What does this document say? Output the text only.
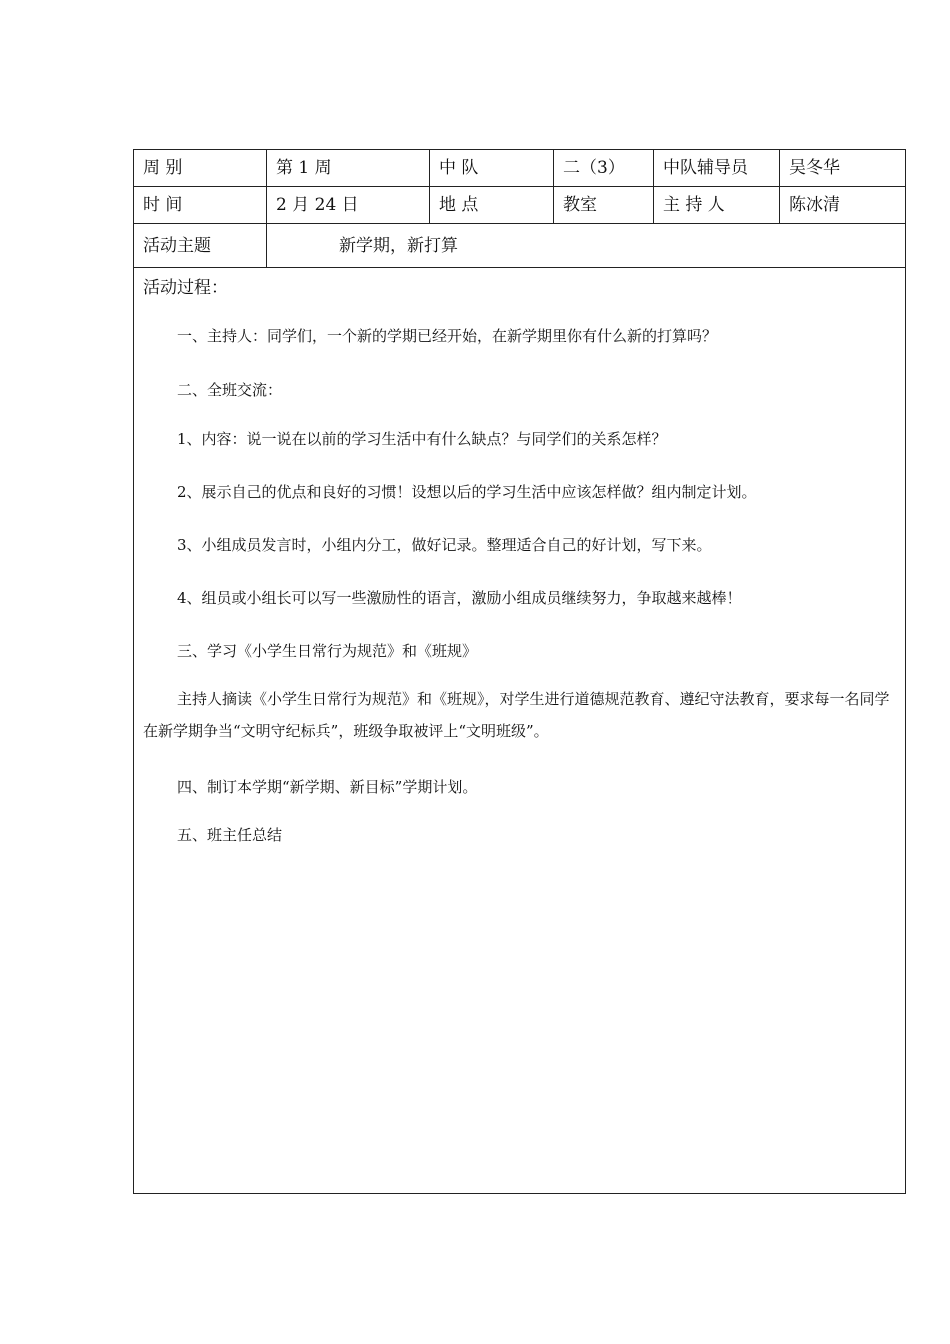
周 别	第 1 周	中 队	二（3）	中队辅导员	吴冬华
时 间	2 月 24 日	地 点	教室	主 持 人	陈冰清
活动主题	新学期，新打算
活动过程：
一、主持人：同学们，一个新的学期已经开始，在新学期里你有什么新的打算吗？
二、全班交流：
1、内容：说一说在以前的学习生活中有什么缺点？与同学们的关系怎样？
2、展示自己的优点和良好的习惯！设想以后的学习生活中应该怎样做？组内制定计划。
3、小组成员发言时，小组内分工，做好记录。整理适合自己的好计划，写下来。
4、组员或小组长可以写一些激励性的语言，激励小组成员继续努力，争取越来越棒！
三、学习《小学生日常行为规范》和《班规》
主持人摘读《小学生日常行为规范》和《班规》，对学生进行道德规范教育、遵纪守法教育，要求每一名同学在新学期争当“文明守纪标兵”，班级争取被评上“文明班级”。
四、制订本学期“新学期、新目标”学期计划。
五、班主任总结
